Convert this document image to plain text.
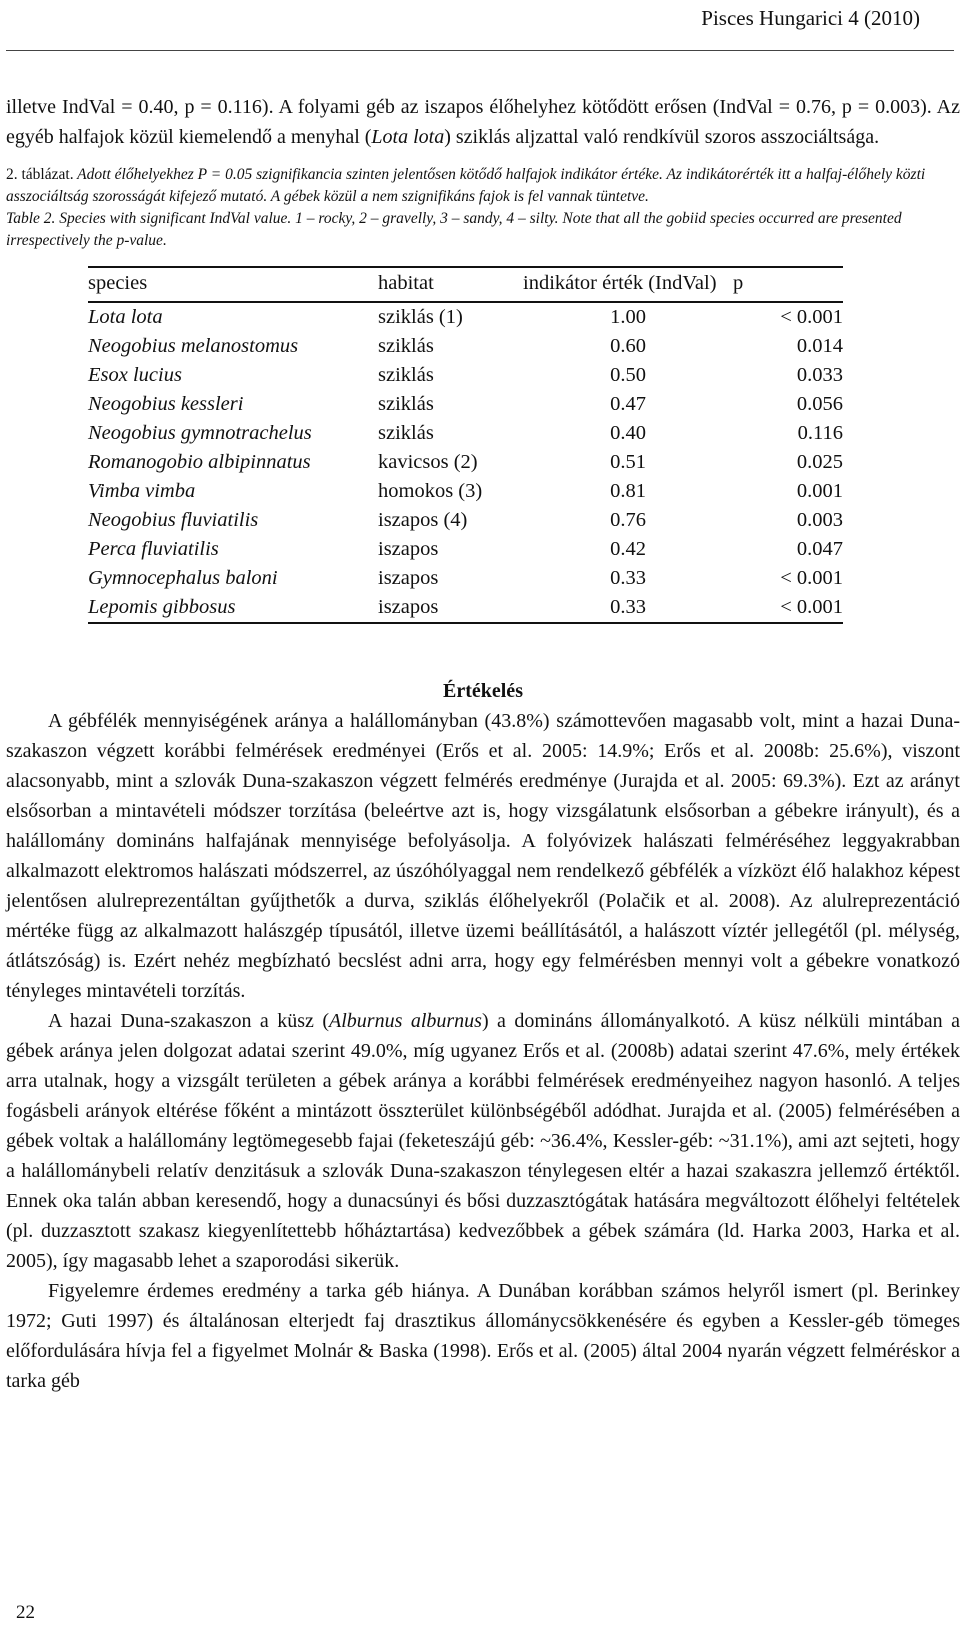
Pisces Hungarici 4 (2010)

illetve IndVal = 0.40, p = 0.116). A folyami géb az iszapos élőhelyhez kötődött erősen (IndVal = 0.76, p = 0.003). Az egyéb halfajok közül kiemelendő a menyhal (Lota lota) sziklás aljzattal való rendkívül szoros asszociáltsága.

2. táblázat. Adott élőhelyekhez P = 0.05 szignifikancia szinten jelentősen kötődő halfajok indikátor értéke. Az indikátorérték itt a halfaj-élőhely közti asszociáltság szorosságát kifejező mutató. A gébek közül a nem szignifikáns fajok is fel vannak tüntetve.
Table 2. Species with significant IndVal value. 1 – rocky, 2 – gravelly, 3 – sandy, 4 – silty. Note that all the gobiid species occurred are presented irrespectively the p-value.
species	habitat	indikátor érték (IndVal)	p
Lota lota	sziklás (1)	1.00	< 0.001
Neogobius melanostomus	sziklás	0.60	0.014
Esox lucius	sziklás	0.50	0.033
Neogobius kessleri	sziklás	0.47	0.056
Neogobius gymnotrachelus	sziklás	0.40	0.116
Romanogobio albipinnatus	kavicsos (2)	0.51	0.025
Vimba vimba	homokos (3)	0.81	0.001
Neogobius fluviatilis	iszapos (4)	0.76	0.003
Perca fluviatilis	iszapos	0.42	0.047
Gymnocephalus baloni	iszapos	0.33	< 0.001
Lepomis gibbosus	iszapos	0.33	< 0.001
Értékelés

A gébfélék mennyiségének aránya a halállományban (43.8%) számottevően magasabb volt, mint a hazai Duna-szakaszon végzett korábbi felmérések eredményei (Erős et al. 2005: 14.9%; Erős et al. 2008b: 25.6%), viszont alacsonyabb, mint a szlovák Duna-szakaszon végzett felmérés eredménye (Jurajda et al. 2005: 69.3%). Ezt az arányt elsősorban a mintavételi módszer torzítása (beleértve azt is, hogy vizsgálatunk elsősorban a gébekre irányult), és a halállomány domináns halfajának mennyisége befolyásolja. A folyóvizek halászati felméréséhez leggyakrabban alkalmazott elektromos halászati módszerrel, az úszóhólyaggal nem rendelkező gébfélék a vízközt élő halakhoz képest jelentősen alulreprezentáltan gyűjthetők a durva, sziklás élőhelyekről (Polačik et al. 2008). Az alulreprezentáció mértéke függ az alkalmazott halászgép típusától, illetve üzemi beállításától, a halászott víztér jellegétől (pl. mélység, átlátszóság) is. Ezért nehéz megbízható becslést adni arra, hogy egy felmérésben mennyi volt a gébekre vonatkozó tényleges mintavételi torzítás.

A hazai Duna-szakaszon a küsz (Alburnus alburnus) a domináns állományalkotó. A küsz nélküli mintában a gébek aránya jelen dolgozat adatai szerint 49.0%, míg ugyanez Erős et al. (2008b) adatai szerint 47.6%, mely értékek arra utalnak, hogy a vizsgált területen a gébek aránya a korábbi felmérések eredményeihez nagyon hasonló. A teljes fogásbeli arányok eltérése főként a mintázott összterület különbségéből adódhat. Jurajda et al. (2005) felmérésében a gébek voltak a halállomány legtömegesebb fajai (feketeszájú géb: ~36.4%, Kessler-géb: ~31.1%), ami azt sejteti, hogy a halállománybeli relatív denzitásuk a szlovák Duna-szakaszon ténylegesen eltér a hazai szakaszra jellemző értéktől. Ennek oka talán abban keresendő, hogy a dunacsúnyi és bősi duzzasztógátak hatására megváltozott élőhelyi feltételek (pl. duzzasztott szakasz kiegyenlítettebb hőháztartása) kedvezőbbek a gébek számára (ld. Harka 2003, Harka et al. 2005), így magasabb lehet a szaporodási sikerük.

Figyelemre érdemes eredmény a tarka géb hiánya. A Dunában korábban számos helyről ismert (pl. Berinkey 1972; Guti 1997) és általánosan elterjedt faj drasztikus állománycsökkenésére és egyben a Kessler-géb tömeges előfordulására hívja fel a figyelmet Molnár & Baska (1998). Erős et al. (2005) által 2004 nyarán végzett felméréskor a tarka géb

22
